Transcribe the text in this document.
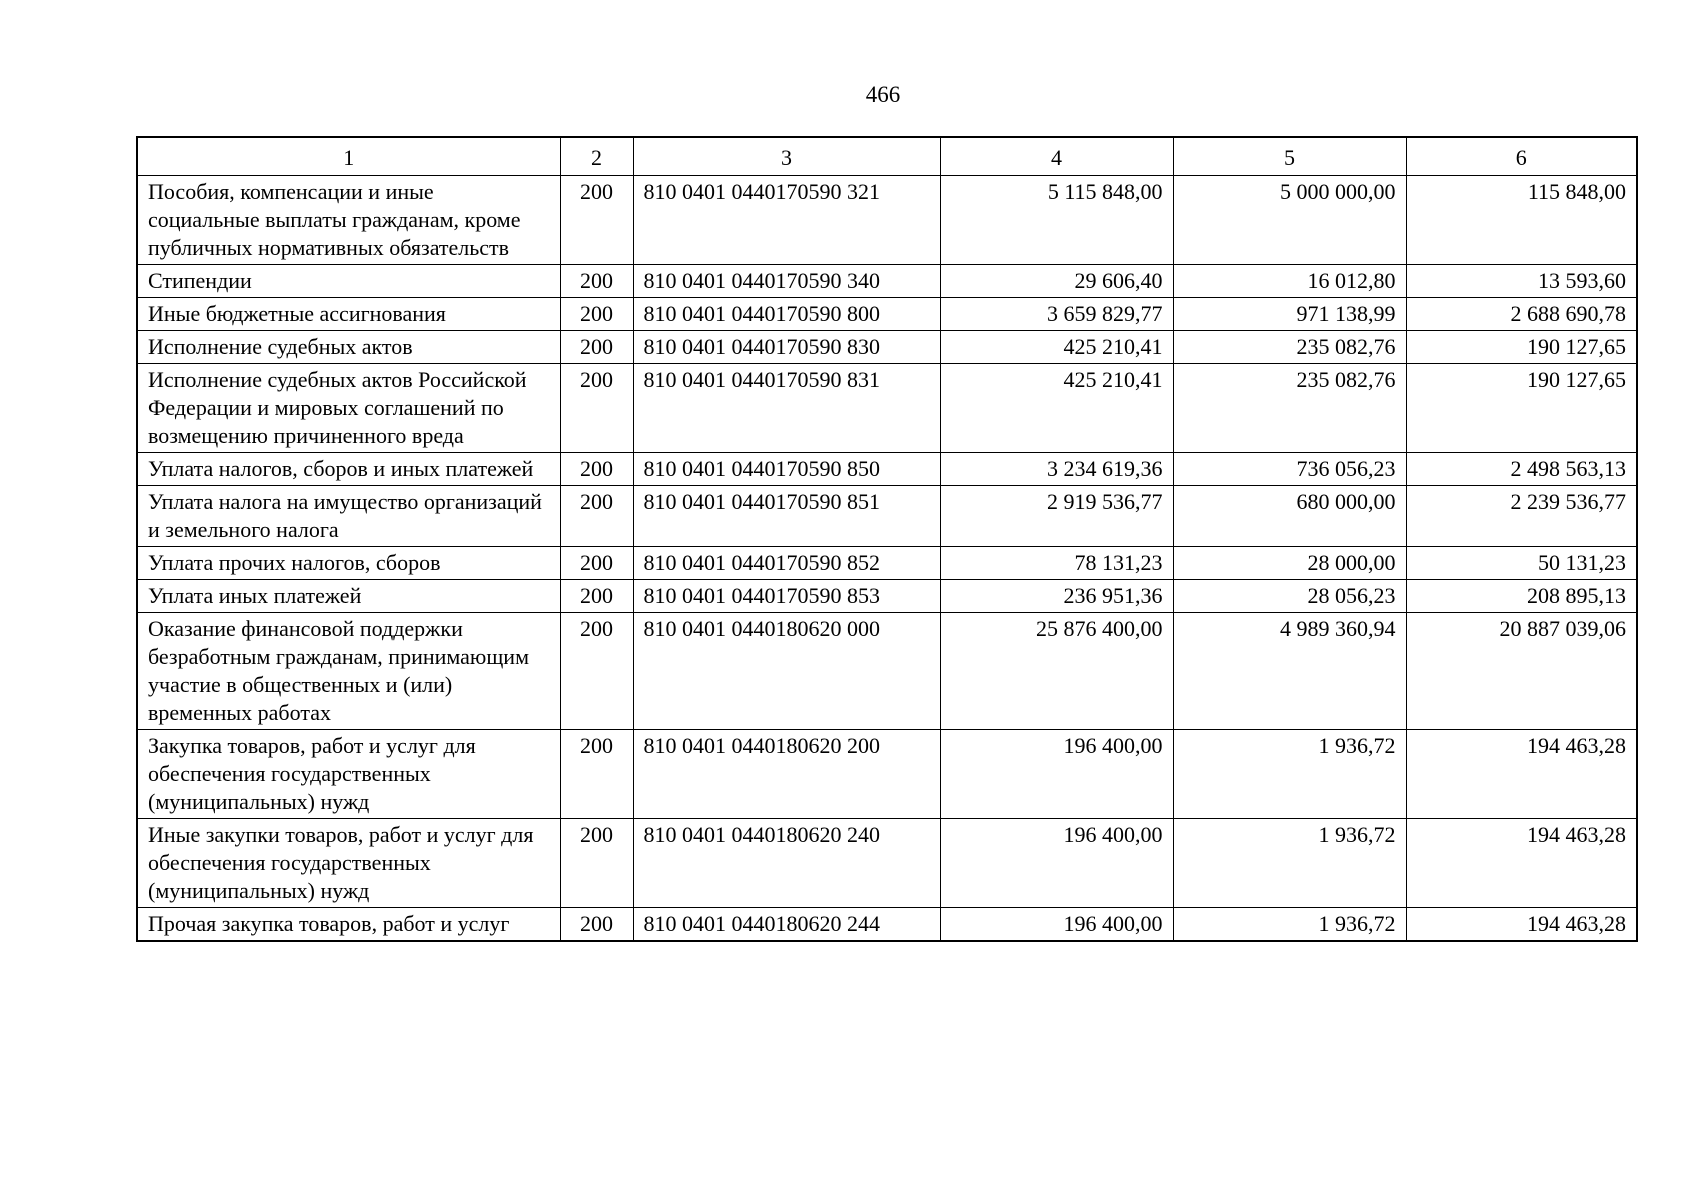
466
1	2	3	4	5	6
Пособия, компенсации и иные социальные выплаты гражданам, кроме публичных нормативных обязательств	200	810 0401 0440170590 321	5 115 848,00	5 000 000,00	115 848,00
Стипендии	200	810 0401 0440170590 340	29 606,40	16 012,80	13 593,60
Иные бюджетные ассигнования	200	810 0401 0440170590 800	3 659 829,77	971 138,99	2 688 690,78
Исполнение судебных актов	200	810 0401 0440170590 830	425 210,41	235 082,76	190 127,65
Исполнение судебных актов Российской Федерации и мировых соглашений по возмещению причиненного вреда	200	810 0401 0440170590 831	425 210,41	235 082,76	190 127,65
Уплата налогов, сборов и иных платежей	200	810 0401 0440170590 850	3 234 619,36	736 056,23	2 498 563,13
Уплата налога на имущество организаций и земельного налога	200	810 0401 0440170590 851	2 919 536,77	680 000,00	2 239 536,77
Уплата прочих налогов, сборов	200	810 0401 0440170590 852	78 131,23	28 000,00	50 131,23
Уплата иных платежей	200	810 0401 0440170590 853	236 951,36	28 056,23	208 895,13
Оказание финансовой поддержки безработным гражданам, принимающим участие в общественных и (или) временных работах	200	810 0401 0440180620 000	25 876 400,00	4 989 360,94	20 887 039,06
Закупка товаров, работ и услуг для обеспечения государственных (муниципальных) нужд	200	810 0401 0440180620 200	196 400,00	1 936,72	194 463,28
Иные закупки товаров, работ и услуг для обеспечения государственных (муниципальных) нужд	200	810 0401 0440180620 240	196 400,00	1 936,72	194 463,28
Прочая закупка товаров, работ и услуг	200	810 0401 0440180620 244	196 400,00	1 936,72	194 463,28
